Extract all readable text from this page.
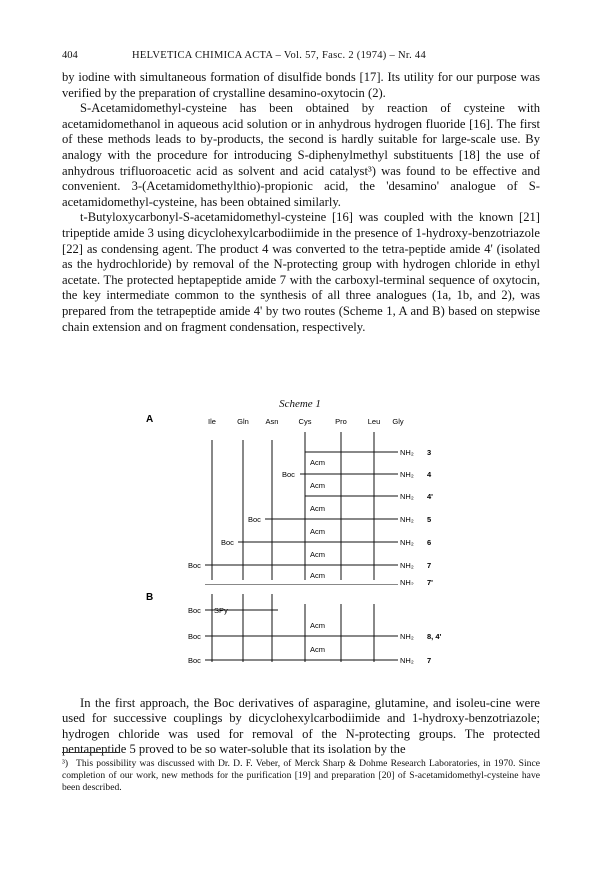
404	HELVETICA CHIMICA ACTA – Vol. 57, Fasc. 2 (1974) – Nr. 44

by iodine with simultaneous formation of disulfide bonds [17]. Its utility for our purpose was verified by the preparation of crystalline desamino-oxytocin (2).

S-Acetamidomethyl-cysteine has been obtained by reaction of cysteine with acetamidomethanol in aqueous acid solution or in anhydrous hydrogen fluoride [16]. The first of these methods leads to by-products, the second is hardly suitable for large-scale use. By analogy with the procedure for introducing S-diphenylmethyl substituents [18] the use of anhydrous trifluoroacetic acid as solvent and acid catalyst³) was found to be effective and convenient. 3-(Acetamidomethylthio)-propionic acid, the 'desamino' analogue of S-acetamidomethyl-cysteine, has been obtained similarly.

t-Butyloxycarbonyl-S-acetamidomethyl-cysteine [16] was coupled with the known [21] tripeptide amide 3 using dicyclohexylcarbodiimide in the presence of 1-hydroxy-benzotriazole [22] as condensing agent. The product 4 was converted to the tetra-peptide amide 4' (isolated as the hydrochloride) by removal of the N-protecting group with hydrogen chloride in ethyl acetate. The protected heptapeptide amide 7 with the carboxyl-terminal sequence of oxytocin, the key intermediate common to the synthesis of all three analogues (1a, 1b, and 2), was prepared from the tetrapeptide amide 4' by two routes (Scheme 1, A and B) based on stepwise chain extension and on fragment condensation, respectively.

Scheme 1
A	Ile	Gln Asn	Cys	Pro	Leu Gly
NH₂ 3
Acm
Boc	NH₂ 4
Acm
NH₂ 4'
Acm
Boc	NH₂ 5
Acm
Boc	NH₂ 6
Acm
Boc	NH₂ 7
Acm
NH₂ 7'
B
Boc SPy
Acm
Boc	NH₂ 8, 4'
Acm
Boc	NH₂ 7

In the first approach, the Boc derivatives of asparagine, glutamine, and isoleu-cine were used for successive couplings by dicyclohexylcarbodiimide and 1-hydroxy-benzotriazole; hydrogen chloride was used for removal of the N-protecting groups. The protected pentapeptide 5 proved to be so water-soluble that its isolation by the

³) This possibility was discussed with Dr. D. F. Veber, of Merck Sharp & Dohme Research Laboratories, in 1970. Since completion of our work, new methods for the purification [19] and preparation [20] of S-acetamidomethyl-cysteine have been described.
